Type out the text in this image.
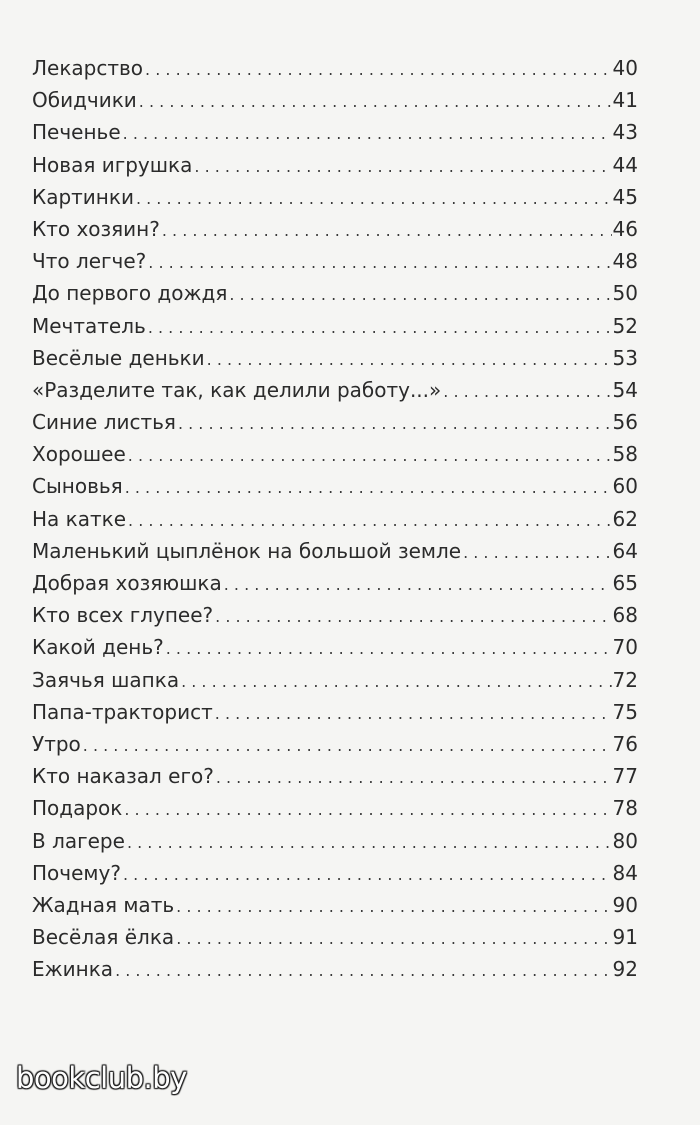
Лекарство . . .	40
Обидчики . . .	41
Печенье . . .	43
Новая игрушка . . .	44
Картинки . . .	45
Кто хозяин? . . .	46
Что легче? . . .	48
До первого дождя . . .	50
Мечтатель . . .	52
Весёлые деньки . . .	53
«Разделите так, как делили работу...» . . .	54
Синие листья . . .	56
Хорошее . . .	58
Сыновья . . .	60
На катке . . .	62
Маленький цыплёнок на большой земле . . .	64
Добрая хозяюшка . . .	65
Кто всех глупее? . . .	68
Какой день? . . .	70
Заячья шапка . . .	72
Папа-тракторист . . .	75
Утро . . .	76
Кто наказал его? . . .	77
Подарок . . .	78
В лагере . . .	80
Почему? . . .	84
Жадная мать . . .	90
Весёлая ёлка . . .	91
Ежинка . . .	92
bookclub.by
